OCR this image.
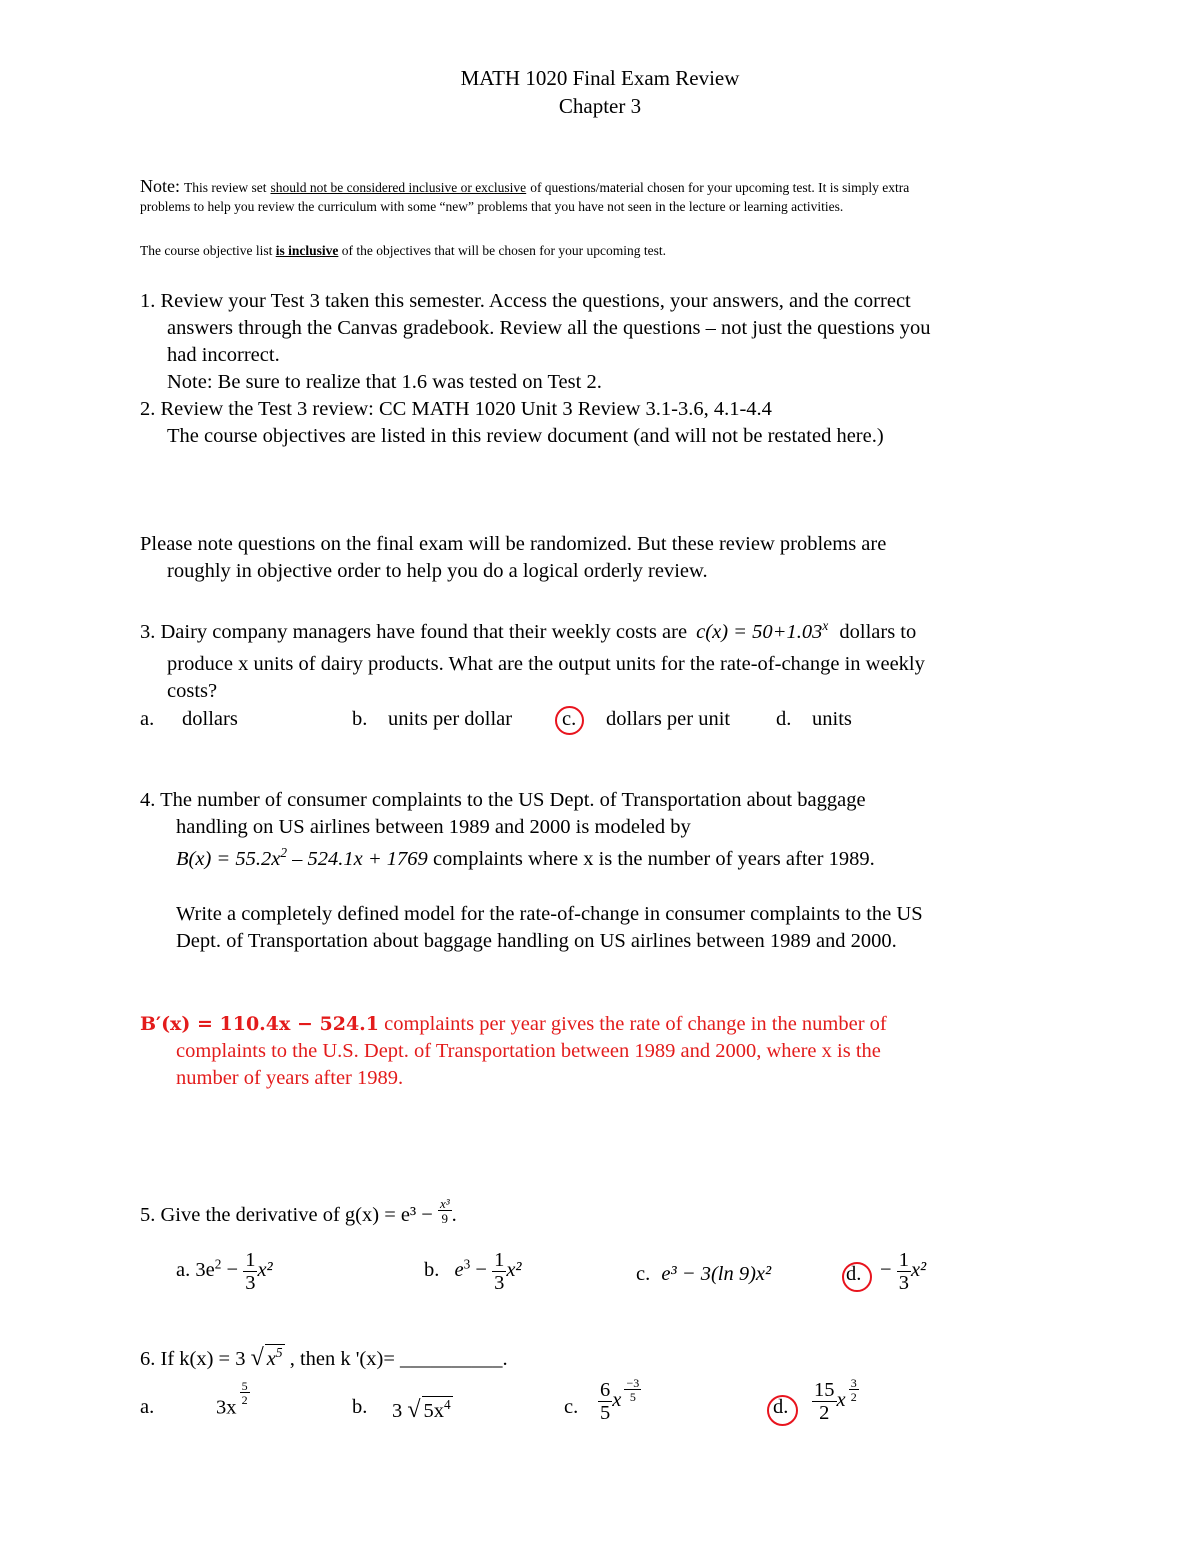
MATH 1020 Final Exam Review
Chapter 3
Note: This review set should not be considered inclusive or exclusive of questions/material chosen for your upcoming test. It is simply extra
problems to help you review the curriculum with some “new” problems that you have not seen in the lecture or learning activities.
The course objective list is inclusive of the objectives that will be chosen for your upcoming test.
1. Review your Test 3 taken this semester. Access the questions, your answers, and the correct
answers through the Canvas gradebook. Review all the questions – not just the questions you
had incorrect.
Note: Be sure to realize that 1.6 was tested on Test 2.
2. Review the Test 3 review: CC MATH 1020 Unit 3 Review 3.1-3.6, 4.1-4.4
The course objectives are listed in this review document (and will not be restated here.)
Please note questions on the final exam will be randomized. But these review problems are
roughly in objective order to help you do a logical orderly review.
3. Dairy company managers have found that their weekly costs are $c(x) = 50+1.03^x$ dollars to
produce x units of dairy products. What are the output units for the rate-of-change in weekly
costs?
a. dollars	b. units per dollar c. dollars per unit d. units
4. The number of consumer complaints to the US Dept. of Transportation about baggage
handling on US airlines between 1989 and 2000 is modeled by
$B(x) = 55.2x^2 - 524.1x + 1769$ complaints where x is the number of years after 1989.
Write a completely defined model for the rate-of-change in consumer complaints to the US
Dept. of Transportation about baggage handling on US airlines between 1989 and 2000.
B′(x) = 110.4x − 524.1 complaints per year gives the rate of change in the number of
complaints to the U.S. Dept. of Transportation between 1989 and 2000, where x is the
number of years after 1989.
5. Give the derivative of $g(x) = e^3 - \frac{\text{x³}}{9}$ .
a. $3e^2 - \frac{1}{3} x^2$	b. $e^3 - \frac{1}{3} x^2$	c. e³ − 3(ln 9)x²	d. − $\frac{1}{3} x^2$
6. If k(x) = 3 √ $x^5$ , then k '(x)= __________.
a.	3x
$\frac{5}{2}$
b. 3 √ $5x^4$	c. $\frac{6}{5}$ x $\frac{-3}{5}$
d. $\frac{15}{2}$ x $\frac{3}{2}$
